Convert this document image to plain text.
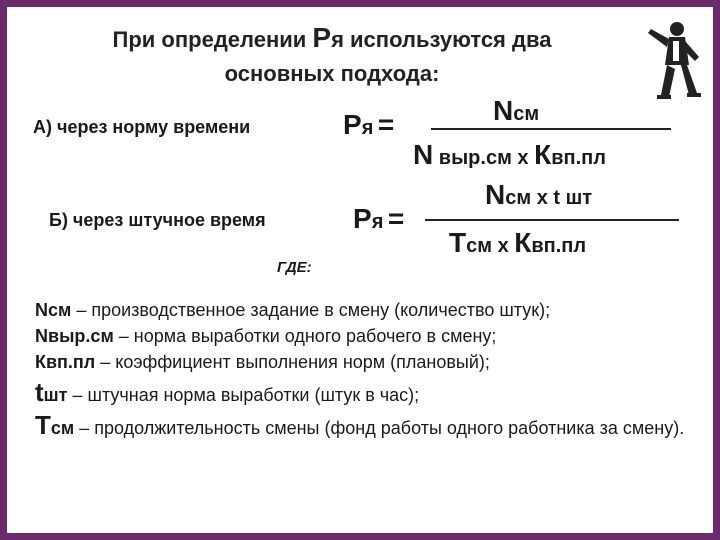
При определении Ря используются два
основных подхода:
А) через норму времени	Ря =	Nсм
N выр.см х Квп.пл
Б) через штучное время	Ря =
Nсм х t шт
Тсм х Квп.пл
ГДЕ:
Nсм – производственное задание в смену (количество штук);
Nвыр.см – норма выработки одного рабочего в смену;
Квп.пл – коэффициент выполнения норм (плановый);
tшт – штучная норма выработки (штук в час);
Тсм – продолжительность смены (фонд работы одного работника за смену).
